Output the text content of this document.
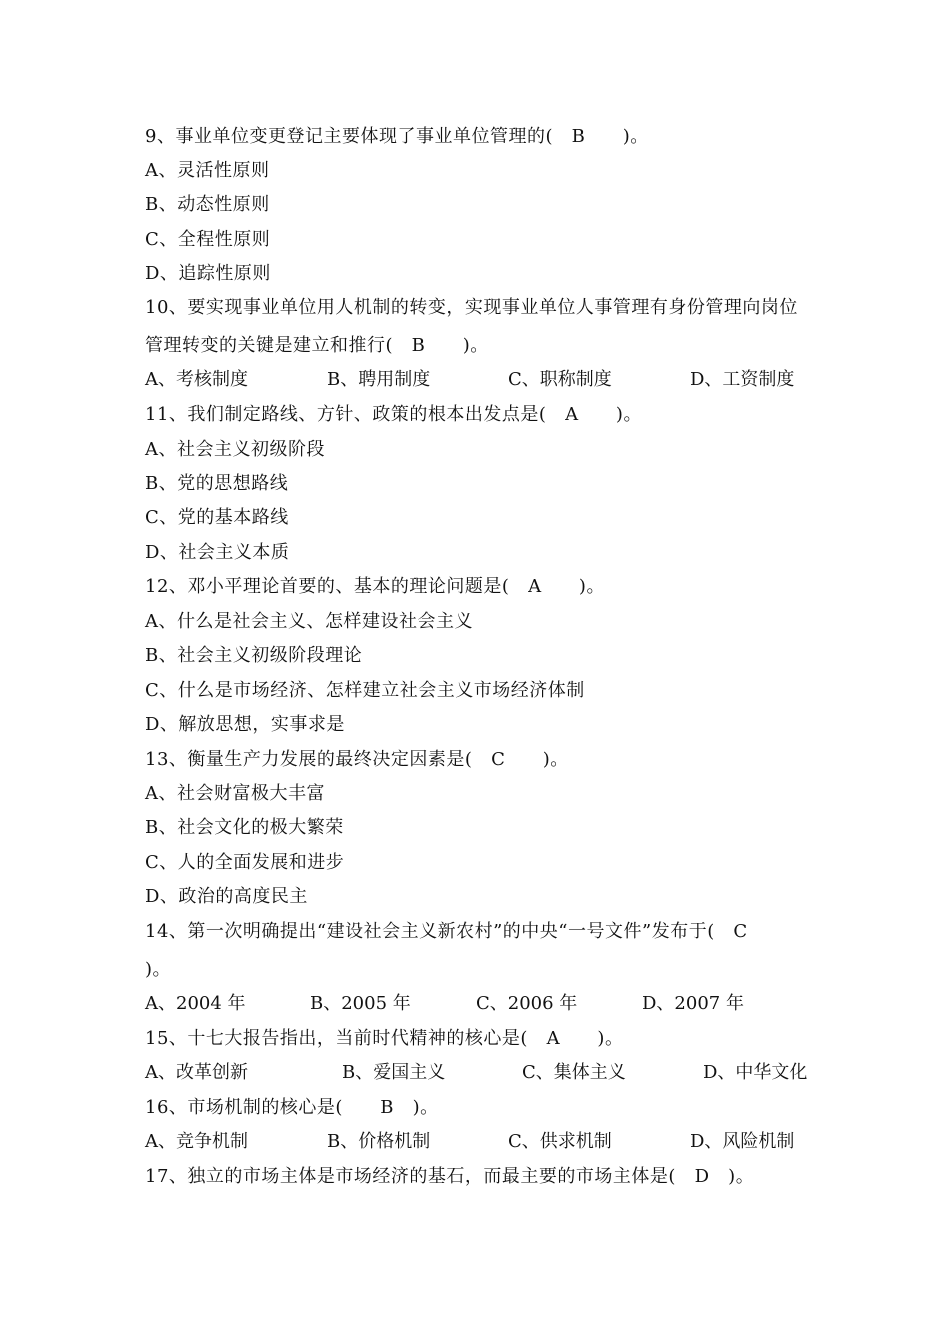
9、事业单位变更登记主要体现了事业单位管理的(   B      )。
A、灵活性原则
B、动态性原则
C、全程性原则
D、追踪性原则
10、要实现事业单位用人机制的转变，实现事业单位人事管理有身份管理向岗位
管理转变的关键是建立和推行(   B      )。

A、考核制度

	B、聘用制度

	C、职称制度

	D、工资制度

11、我们制定路线、方针、政策的根本出发点是(   A      )。
A、社会主义初级阶段
B、党的思想路线
C、党的基本路线
D、社会主义本质
12、邓小平理论首要的、基本的理论问题是(   A      )。
A、什么是社会主义、怎样建设社会主义
B、社会主义初级阶段理论
C、什么是市场经济、怎样建立社会主义市场经济体制
D、解放思想，实事求是
13、衡量生产力发展的最终决定因素是(   C      )。
A、社会财富极大丰富
B、社会文化的极大繁荣
C、人的全面发展和进步
D、政治的高度民主
14、第一次明确提出“建设社会主义新农村”的中央“一号文件”发布于(   C
)。

A、2004 年

	B、2005 年

	C、2006 年

	D、2007 年

15、十七大报告指出，当前时代精神的核心是(   A      )。

A、改革创新

	B、爱国主义

	C、集体主义

	D、中华文化

16、市场机制的核心是(      B   )。

A、竞争机制

	B、价格机制

	C、供求机制

	D、风险机制

17、独立的市场主体是市场经济的基石，而最主要的市场主体是(   D   )。
